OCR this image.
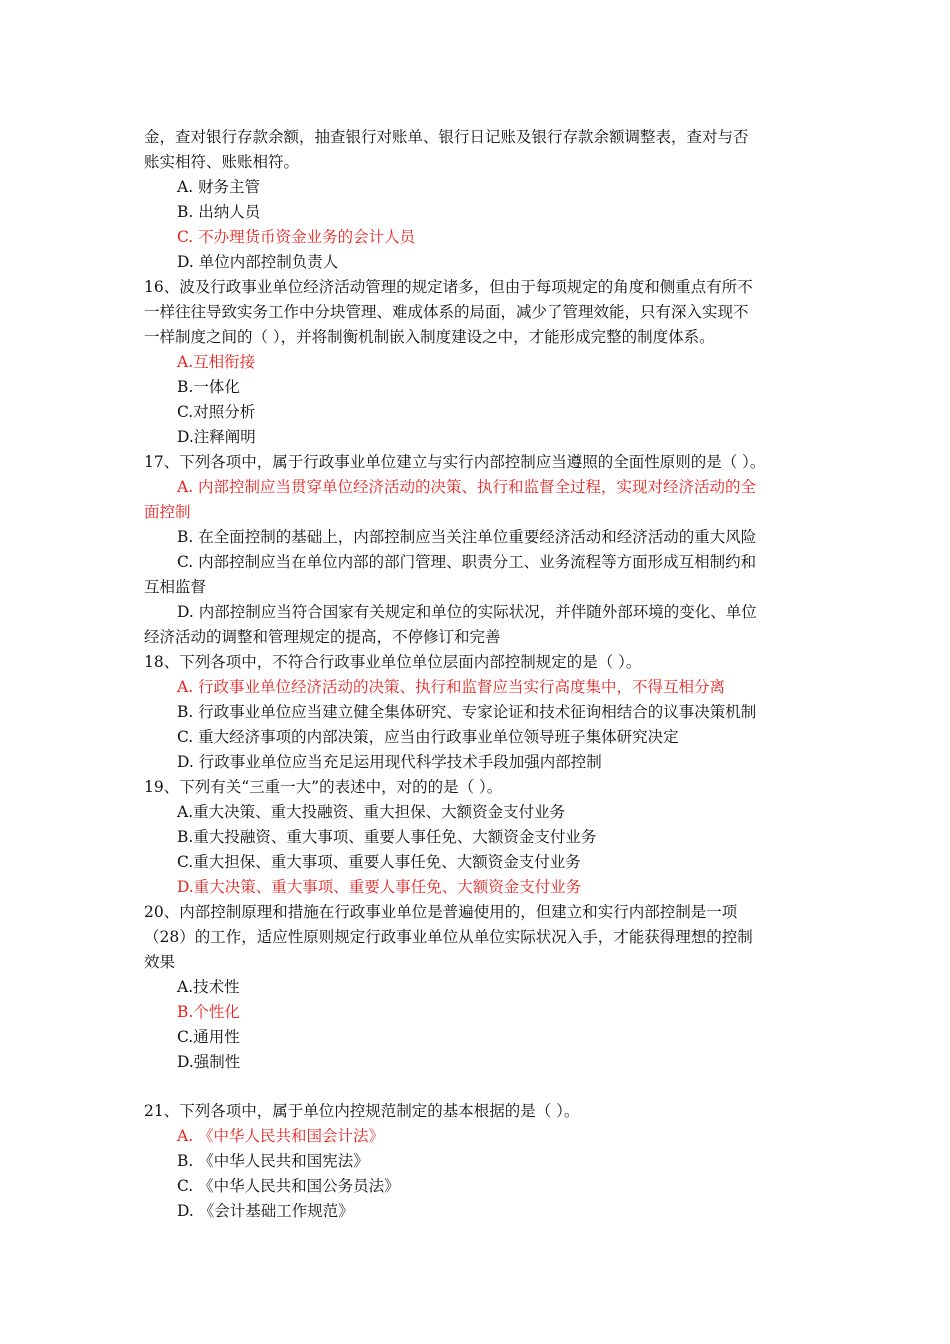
金，查对银行存款余额，抽查银行对账单、银行日记账及银行存款余额调整表，查对与否
账实相符、账账相符。
A. 财务主管
B. 出纳人员
C. 不办理货币资金业务的会计人员
D. 单位内部控制负责人
16、波及行政事业单位经济活动管理的规定诸多，但由于每项规定的角度和侧重点有所不
一样往往导致实务工作中分块管理、难成体系的局面，减少了管理效能，只有深入实现不
一样制度之间的（ ），并将制衡机制嵌入制度建设之中，才能形成完整的制度体系。
A.互相衔接
B.一体化
C.对照分析
D.注释阐明
17、下列各项中，属于行政事业单位建立与实行内部控制应当遵照的全面性原则的是（ ）。
A. 内部控制应当贯穿单位经济活动的决策、执行和监督全过程，实现对经济活动的全
面控制
B. 在全面控制的基础上，内部控制应当关注单位重要经济活动和经济活动的重大风险
C. 内部控制应当在单位内部的部门管理、职责分工、业务流程等方面形成互相制约和
互相监督
D. 内部控制应当符合国家有关规定和单位的实际状况，并伴随外部环境的变化、单位
经济活动的调整和管理规定的提高，不停修订和完善
18、下列各项中，不符合行政事业单位单位层面内部控制规定的是（ ）。
A. 行政事业单位经济活动的决策、执行和监督应当实行高度集中，不得互相分离
B. 行政事业单位应当建立健全集体研究、专家论证和技术征询相结合的议事决策机制
C. 重大经济事项的内部决策，应当由行政事业单位领导班子集体研究决定
D. 行政事业单位应当充足运用现代科学技术手段加强内部控制
19、下列有关“三重一大”的表述中，对的的是（ ）。
A.重大决策、重大投融资、重大担保、大额资金支付业务
B.重大投融资、重大事项、重要人事任免、大额资金支付业务
C.重大担保、重大事项、重要人事任免、大额资金支付业务
D.重大决策、重大事项、重要人事任免、大额资金支付业务
20、内部控制原理和措施在行政事业单位是普遍使用的，但建立和实行内部控制是一项
（28）的工作，适应性原则规定行政事业单位从单位实际状况入手，才能获得理想的控制
效果
A.技术性
B.个性化
C.通用性
D.强制性
21、下列各项中，属于单位内控规范制定的基本根据的是（ ）。
A. 《中华人民共和国会计法》
B. 《中华人民共和国宪法》
C. 《中华人民共和国公务员法》
D. 《会计基础工作规范》
